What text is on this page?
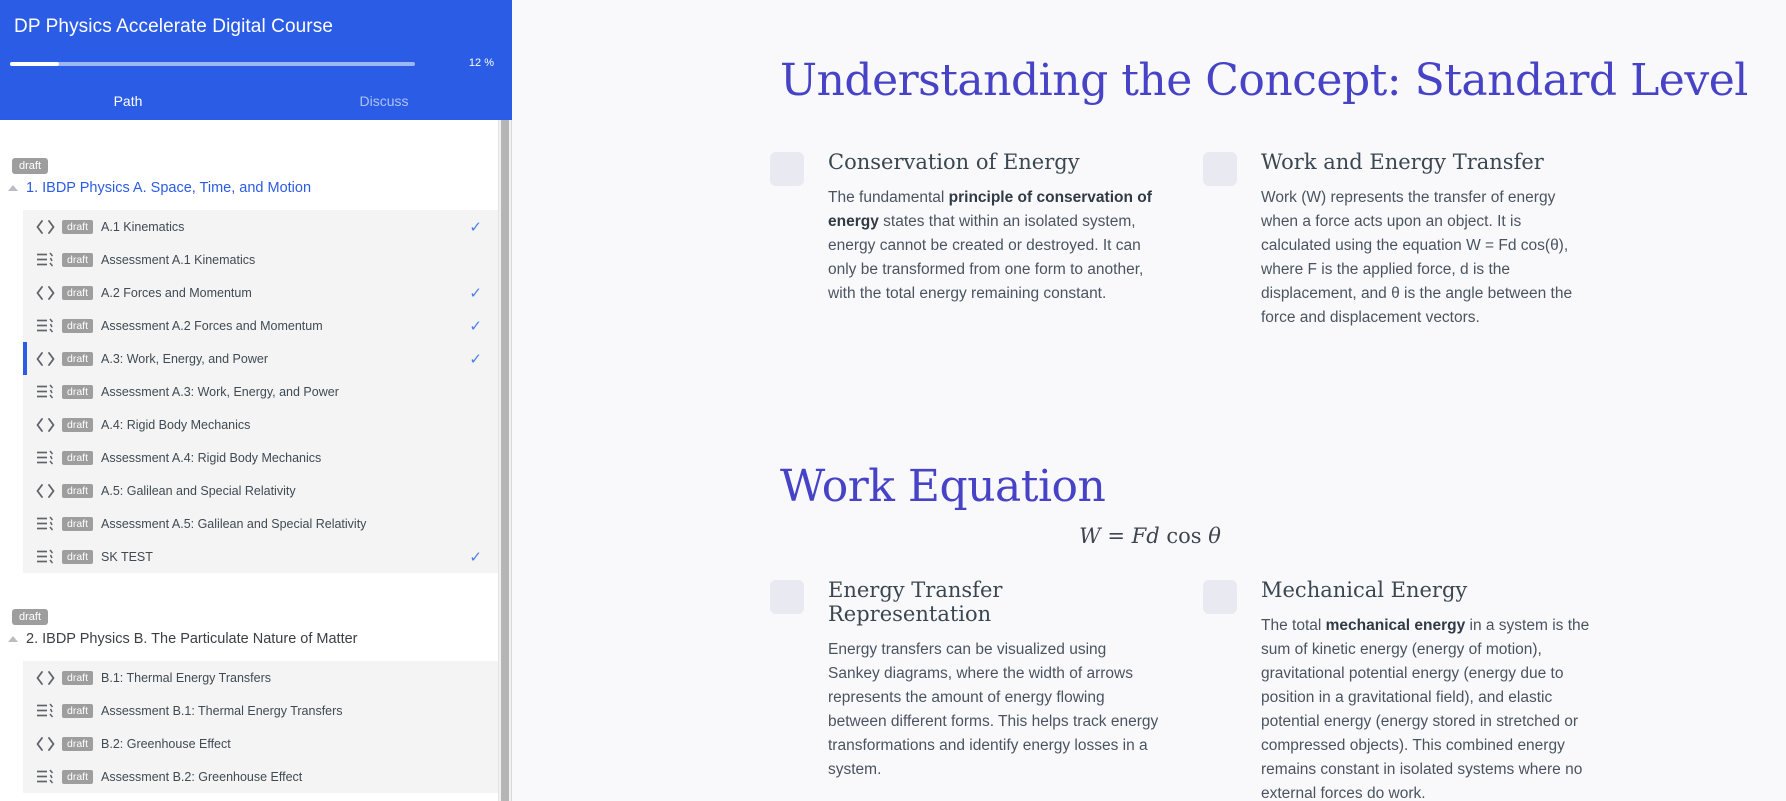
DP Physics Accelerate Digital Course
12 %
Path	Discuss
draft
1. IBDP Physics A. Space, Time, and Motion
draft	A.1 Kinematics	✓
draft	Assessment A.1 Kinematics
draft	A.2 Forces and Momentum	✓
draft	Assessment A.2 Forces and Momentum	✓
draft	A.3: Work, Energy, and Power	✓
draft	Assessment A.3: Work, Energy, and Power
draft	A.4: Rigid Body Mechanics
draft	Assessment A.4: Rigid Body Mechanics
draft	A.5: Galilean and Special Relativity
draft	Assessment A.5: Galilean and Special Relativity
draft	SK TEST	✓
draft
2. IBDP Physics B. The Particulate Nature of Matter
draft	B.1: Thermal Energy Transfers
draft	Assessment B.1: Thermal Energy Transfers
draft	B.2: Greenhouse Effect
draft	Assessment B.2: Greenhouse Effect
Understanding the Concept: Standard Level
Conservation of Energy
The fundamental principle of conservation of energy states that within an isolated system, energy cannot be created or destroyed. It can only be transformed from one form to another, with the total energy remaining constant.
Work and Energy Transfer
Work (W) represents the transfer of energy when a force acts upon an object. It is calculated using the equation W = Fd cos(θ), where F is the applied force, d is the displacement, and θ is the angle between the force and displacement vectors.
Work Equation
W = Fd cos θ
Energy Transfer Representation
Energy transfers can be visualized using Sankey diagrams, where the width of arrows represents the amount of energy flowing between different forms. This helps track energy transformations and identify energy losses in a system.
Mechanical Energy
The total mechanical energy in a system is the sum of kinetic energy (energy of motion), gravitational potential energy (energy due to position in a gravitational field), and elastic potential energy (energy stored in stretched or compressed objects). This combined energy remains constant in isolated systems where no external forces do work.
